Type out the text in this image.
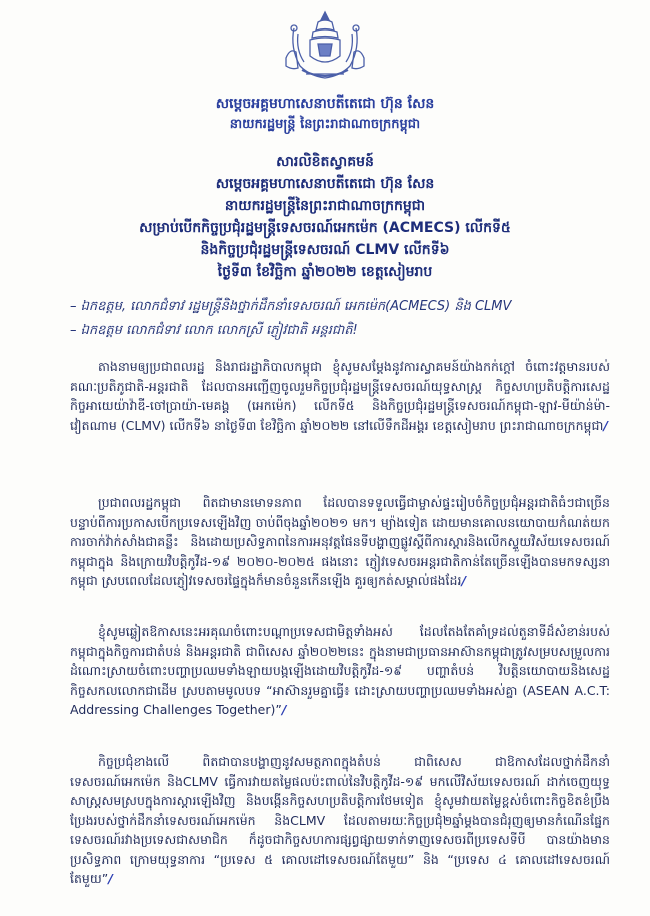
សម្តេចអគ្គមហាសេនាបតីតេជោ ហ៊ុន សែន
នាយករដ្ឋមន្ត្រី នៃព្រះរាជាណាចក្រកម្ពុជា
សារលិខិតស្វាគមន៍
សម្តេចអគ្គមហាសេនាបតីតេជោ ហ៊ុន សែន
នាយករដ្ឋមន្ត្រីនៃព្រះរាជាណាចក្រកម្ពុជា
សម្រាប់បើកកិច្ចប្រជុំរដ្ឋមន្ត្រីទេសចរណ៍អេកម៉េក (ACMECS) លើកទី៥
និងកិច្ចប្រជុំរដ្ឋមន្ត្រីទេសចរណ៍ CLMV លើកទី៦
ថ្ងៃទី៣ ខែវិច្ឆិកា ឆ្នាំ២០២២ ខេត្តសៀមរាប
– ឯកឧត្តម, លោកជំទាវ រដ្ឋមន្ត្រីនិងថ្នាក់ដឹកនាំទេសចរណ៍ អេកម៉េក(ACMECS) និង CLMV
– ឯកឧត្តម លោកជំទាវ លោក លោកស្រី ភ្ញៀវជាតិ អន្តរជាតិ!

តាងនាមឲ្យប្រជាពលរដ្ឋ និងរាជរដ្ឋាភិបាលកម្ពុជា ខ្ញុំសូមសម្តែងនូវការស្វាគមន៍យ៉ាងកក់ក្តៅ ចំពោះវត្តមានរបស់គណៈប្រតិភូជាតិ-អន្តរជាតិ ដែលបានអញ្ជើញចូលរួមកិច្ចប្រជុំរដ្ឋមន្ត្រីទេសចរណ៍យុទ្ធសាស្ត្រ កិច្ចសហប្រតិបត្តិការសេដ្ឋកិច្ចអាយេយ៉ាវ៉ាឌី-ចៅប្រាយ៉ា-មេគង្គ (អេកម៉េក) លើកទី៥ និងកិច្ចប្រជុំរដ្ឋមន្ត្រីទេសចរណ៍កម្ពុជា-ឡាវ-មីយ៉ាន់ម៉ា-វៀតណាម (CLMV) លើកទី៦ នាថ្ងៃទី៣ ខែវិច្ឆិកា ឆ្នាំ២០២២ នៅលើទឹកដីអង្គរ ខេត្តសៀមរាប ព្រះរាជាណាចក្រកម្ពុជា/

ប្រជាពលរដ្ឋកម្ពុជា ពិតជាមានមោទនភាព ដែលបានទទួលធ្វើជាម្ចាស់ផ្ទះរៀបចំកិច្ចប្រជុំអន្តរជាតិធំៗជាច្រើន បន្ទាប់ពីការប្រកាសបើកប្រទេសឡើងវិញ ចាប់ពីចុងឆ្នាំ២០២១ មក។ ម្យ៉ាងទៀត ដោយមានគោលនយោបាយកំណត់យកការចាក់វ៉ាក់សាំងជាគន្លឹះ និងដោយប្រសិទ្ធភាពនៃការអនុវត្តផែនទីបង្ហាញផ្លូវស្តីពីការស្តារនិងលើកស្ទួយវិស័យទេសចរណ៍កម្ពុជាក្នុង និងក្រោយវិបត្តិកូវីដ-១៩ ២០២០-២០២៥ ផងនោះ ភ្ញៀវទេសចរអន្តរជាតិកាន់តែច្រើនឡើងបានមកទស្សនាកម្ពុជា ស្របពេលដែលភ្ញៀវទេសចរផ្ទៃក្នុងក៏មានចំនួនកើនឡើង គួរឲ្យកត់សម្គាល់ផងដែរ/

ខ្ញុំសូមឆ្លៀតឱកាសនេះអរគុណចំពោះបណ្តាប្រទេសជាមិត្តទាំងអស់ ដែលតែងតែគាំទ្រដល់តួនាទីដ៏សំខាន់របស់កម្ពុជាក្នុងកិច្ចការជាតំបន់ និងអន្តរជាតិ ជាពិសេស ឆ្នាំ២០២២នេះ ក្នុងនាមជាប្រធានអាស៊ានកម្ពុជាត្រូវសម្របសម្រួលការដំណោះស្រាយចំពោះបញ្ហាប្រឈមទាំងឡាយបង្កឡើងដោយវិបត្តិកូវីដ-១៩ បញ្ហាតំបន់ វិបត្តិនយោបាយនិងសេដ្ឋកិច្ចសកលលោកជាដើម ស្របតាមមូលបទ “អាស៊ានរួមគ្នាធ្វើ៖ ដោះស្រាយបញ្ហាប្រឈមទាំងអស់គ្នា (ASEAN A.C.T: Addressing Challenges Together)”/

កិច្ចប្រជុំខាងលើ ពិតជាបានបង្ហាញនូវសមត្ថភាពក្នុងតំបន់ ជាពិសេស ជាឱកាសដែលថ្នាក់ដឹកនាំទេសចរណ៍អេកម៉េក និងCLMV ធ្វើការវាយតម្លៃផលប៉ះពាល់នៃវិបត្តិកូវីដ-១៩ មកលើវិស័យទេសចរណ៍ ដាក់ចេញយុទ្ធសាស្ត្រសមស្របក្នុងការស្តារឡើងវិញ និងបង្កើនកិច្ចសហប្រតិបត្តិការថែមទៀត ខ្ញុំសូមវាយតម្លៃខ្ពស់ចំពោះកិច្ចខិតខំប្រឹងប្រែងរបស់ថ្នាក់ដឹកនាំទេសចរណ៍អេកម៉េក និងCLMV ដែលតាមរយៈកិច្ចប្រជុំ២ឆ្នាំម្តងបានជំរុញឲ្យមានកំណើនផ្នែកទេសចរណ៍រវាងប្រទេសជាសមាជិក ក៏ដូចជាកិច្ចសហការផ្សព្វផ្សាយទាក់ទាញទេសចរពីប្រទេសទីបី បានយ៉ាងមានប្រសិទ្ធភាព ក្រោមយុទ្ធនាការ “ប្រទេស ៥ គោលដៅទេសចរណ៍តែមួយ” និង “ប្រទេស ៤ គោលដៅទេសចរណ៍តែមួយ”/
